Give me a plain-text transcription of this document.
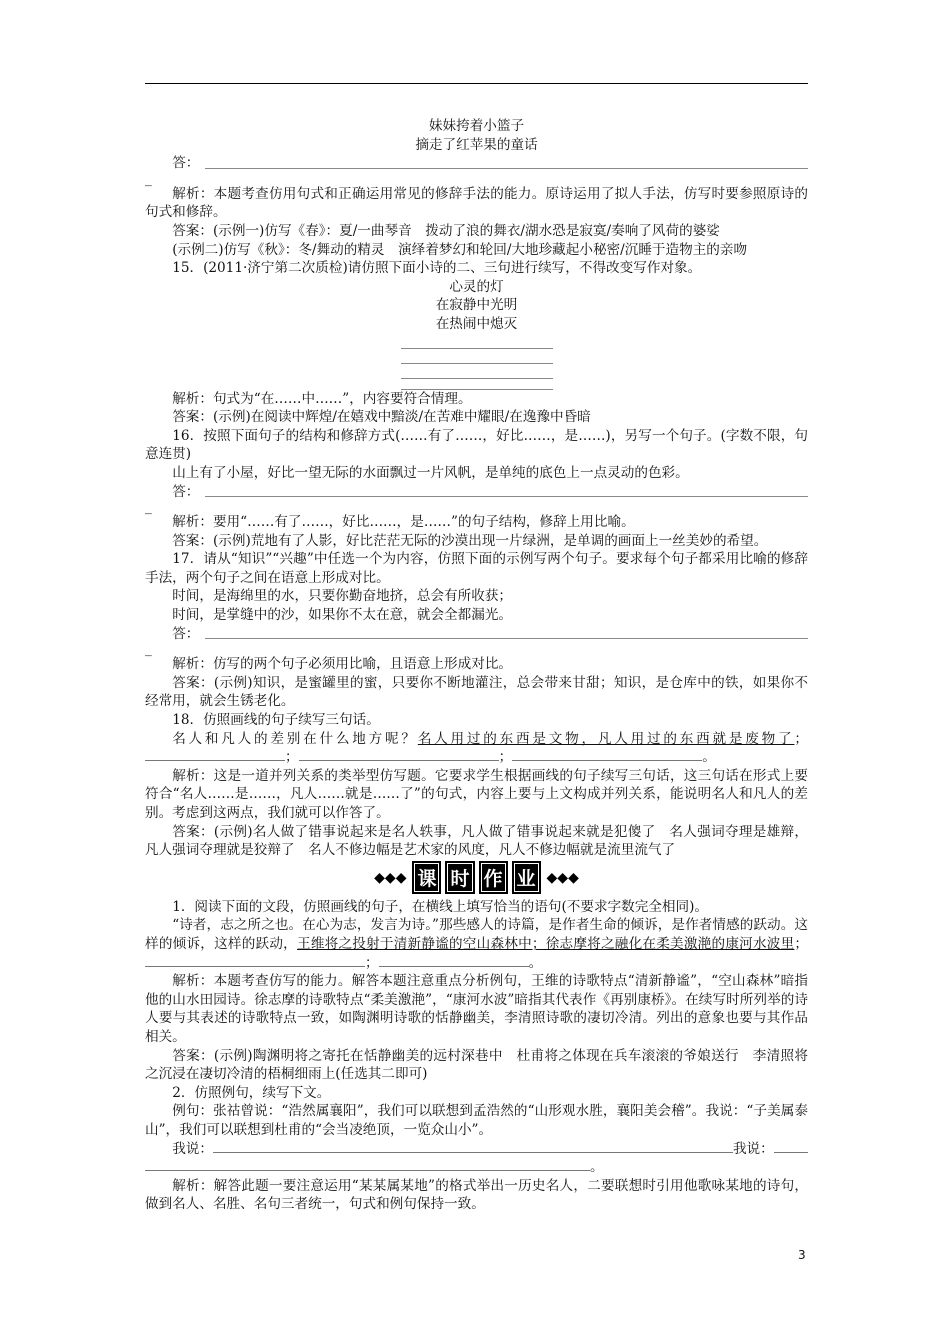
妹妹挎着小篮子

摘走了红苹果的童话

答：
_

解析：本题考查仿用句式和正确运用常见的修辞手法的能力。原诗运用了拟人手法，仿写时要参照原诗的句式和修辞。

答案：(示例一)仿写《春》：夏/一曲琴音　拨动了浪的舞衣/湖水恐是寂寞/奏响了风荷的婆娑

(示例二)仿写《秋》：冬/舞动的精灵　演绎着梦幻和轮回/大地珍藏起小秘密/沉睡于造物主的亲吻

15．(2011·济宁第二次质检)请仿照下面小诗的二、三句进行续写，不得改变写作对象。

心灵的灯

在寂静中光明

在热闹中熄灭

解析：句式为“在……中……”，内容要符合情理。

答案：(示例)在阅读中辉煌/在嬉戏中黯淡/在苦难中耀眼/在逸豫中昏暗

16．按照下面句子的结构和修辞方式(……有了……，好比……，是……)，另写一个句子。(字数不限，句意连贯)

山上有了小屋，好比一望无际的水面飘过一片风帆，是单纯的底色上一点灵动的色彩。

答：
_

解析：要用“……有了……，好比……，是……”的句子结构，修辞上用比喻。

答案：(示例)荒地有了人影，好比茫茫无际的沙漠出现一片绿洲，是单调的画面上一丝美妙的希望。

17．请从“知识”“兴趣”中任选一个为内容，仿照下面的示例写两个句子。要求每个句子都采用比喻的修辞手法，两个句子之间在语意上形成对比。

时间，是海绵里的水，只要你勤奋地挤，总会有所收获；

时间，是掌缝中的沙，如果你不太在意，就会全都漏光。

答：
_

解析：仿写的两个句子必须用比喻，且语意上形成对比。

答案：(示例)知识，是蜜罐里的蜜，只要你不断地灌注，总会带来甘甜；知识，是仓库中的铁，如果你不经常用，就会生锈老化。

18．仿照画线的句子续写三句话。

名人和凡人的差别在什么地方呢？名人用过的东西是文物，凡人用过的东西就是废物了；；	；	。

解析：这是一道并列关系的类举型仿写题。它要求学生根据画线的句子续写三句话，这三句话在形式上要符合“名人……是……，凡人……就是……了”的句式，内容上要与上文构成并列关系，能说明名人和凡人的差别。考虑到这两点，我们就可以作答了。

答案：(示例)名人做了错事说起来是名人轶事，凡人做了错事说起来就是犯傻了　名人强词夺理是雄辩，凡人强词夺理就是狡辩了　名人不修边幅是艺术家的风度，凡人不修边幅就是流里流气了

◆◆◆ 课 时 作 业 ◆◆◆

1．阅读下面的文段，仿照画线的句子，在横线上填写恰当的语句(不要求字数完全相同)。

“诗者，志之所之也。在心为志，发言为诗。”那些感人的诗篇，是作者生命的倾诉，是作者情感的跃动。这样的倾诉，这样的跃动，王维将之投射于清新静谧的空山森林中；徐志摩将之融化在柔美激滟的康河水波里；；	。

解析：本题考查仿写的能力。解答本题注意重点分析例句，王维的诗歌特点“清新静谧”，“空山森林”暗指他的山水田园诗。徐志摩的诗歌特点“柔美激滟”，“康河水波”暗指其代表作《再别康桥》。在续写时所列举的诗人要与其表述的诗歌特点一致，如陶渊明诗歌的恬静幽美，李清照诗歌的凄切冷清。列出的意象也要与其作品相关。

答案：(示例)陶渊明将之寄托在恬静幽美的远村深巷中　杜甫将之体现在兵车滚滚的爷娘送行　李清照将之沉浸在凄切冷清的梧桐细雨上(任选其二即可)

2．仿照例句，续写下文。

例句：张祜曾说：“浩然属襄阳”，我们可以联想到孟浩然的“山形观水胜，襄阳美会稽”。我说：“子美属泰山”，我们可以联想到杜甫的“会当凌绝顶，一览众山小”。

我说：	我说：

。

解析：解答此题一要注意运用“某某属某地”的格式举出一历史名人，二要联想时引用他歌咏某地的诗句，做到名人、名胜、名句三者统一，句式和例句保持一致。

3
